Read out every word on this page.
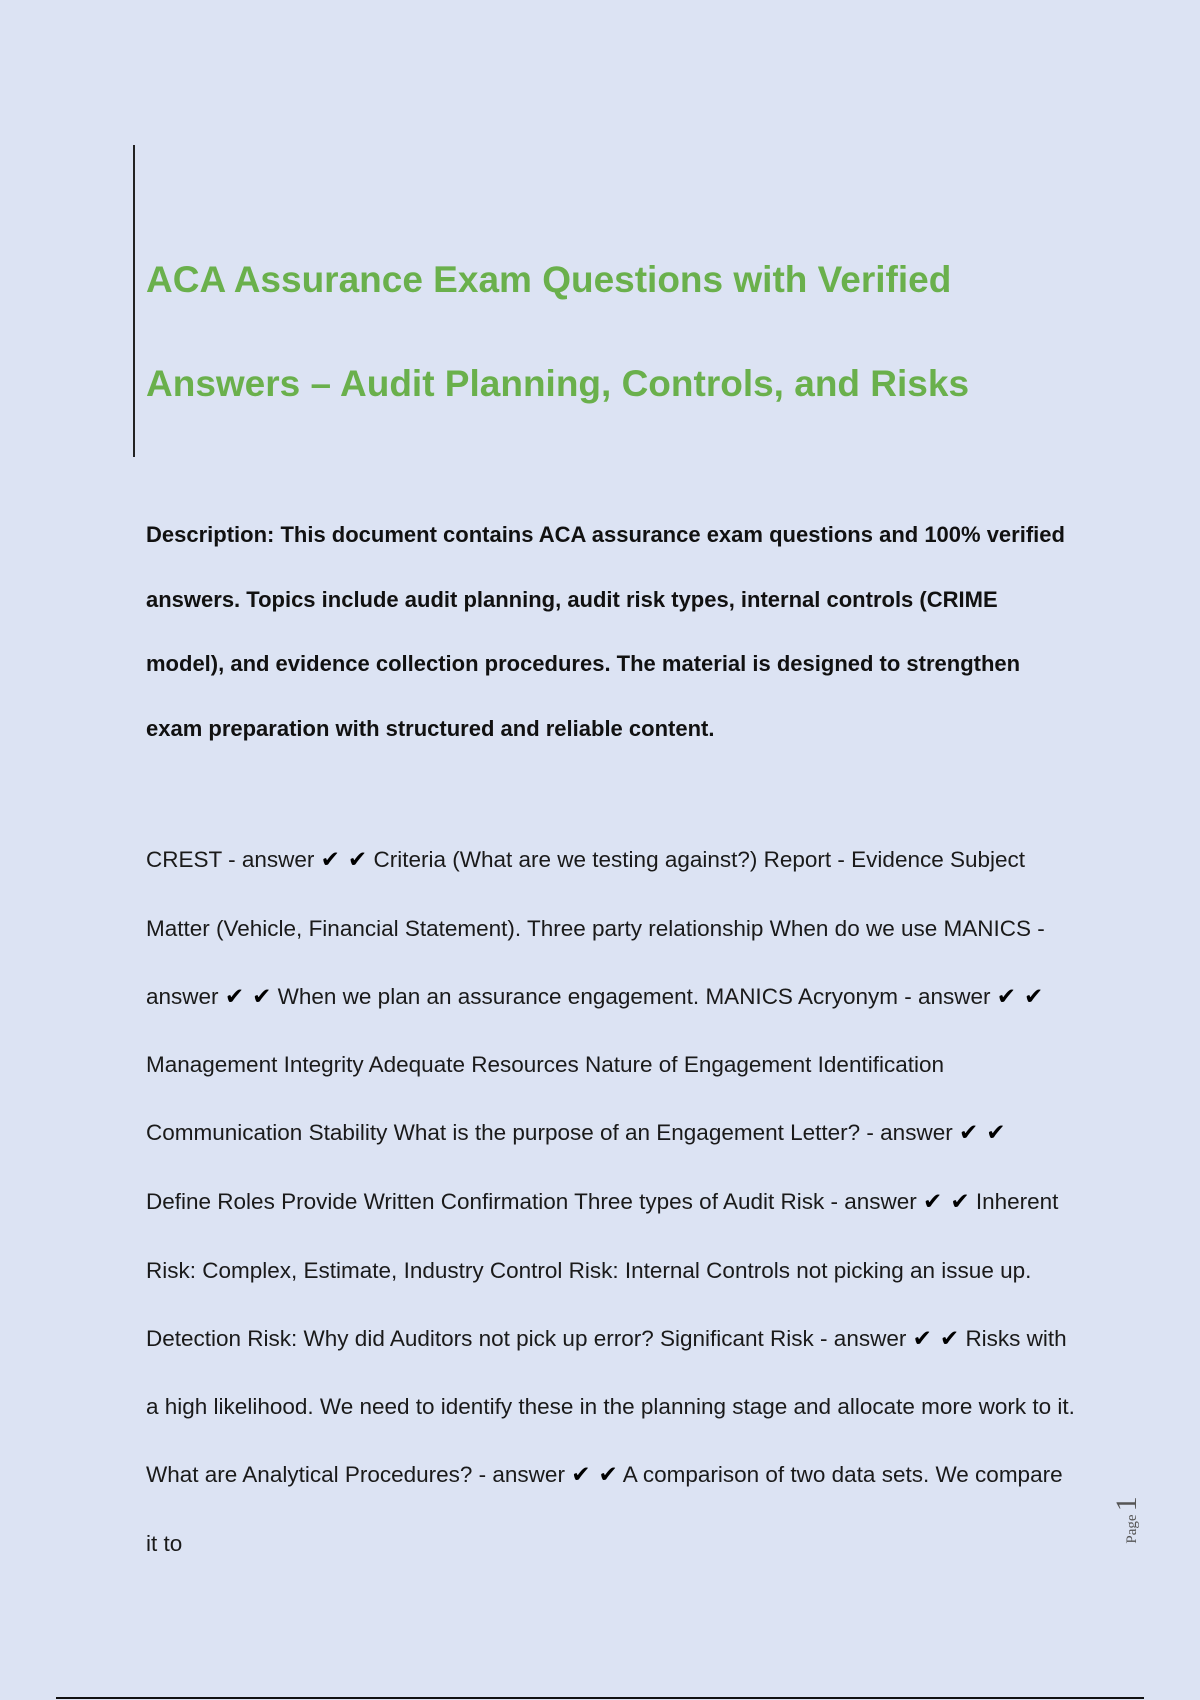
ACA Assurance Exam Questions with Verified
Answers – Audit Planning, Controls, and Risks

Description: This document contains ACA assurance exam questions and 100% verified answers. Topics include audit planning, audit risk types, internal controls (CRIME model), and evidence collection procedures. The material is designed to strengthen exam preparation with structured and reliable content.

CREST - answer ✔ ✔ Criteria (What are we testing against?) Report - Evidence Subject Matter (Vehicle, Financial Statement). Three party relationship When do we use MANICS - answer ✔ ✔ When we plan an assurance engagement. MANICS Acryonym - answer ✔ ✔ Management Integrity Adequate Resources Nature of Engagement Identification Communication Stability What is the purpose of an Engagement Letter? - answer ✔ ✔ Define Roles Provide Written Confirmation Three types of Audit Risk - answer ✔ ✔ Inherent Risk: Complex, Estimate, Industry Control Risk: Internal Controls not picking an issue up. Detection Risk: Why did Auditors not pick up error? Significant Risk - answer ✔ ✔ Risks with a high likelihood. We need to identify these in the planning stage and allocate more work to it. What are Analytical Procedures? - answer ✔ ✔ A comparison of two data sets. We compare it to	Page
1
